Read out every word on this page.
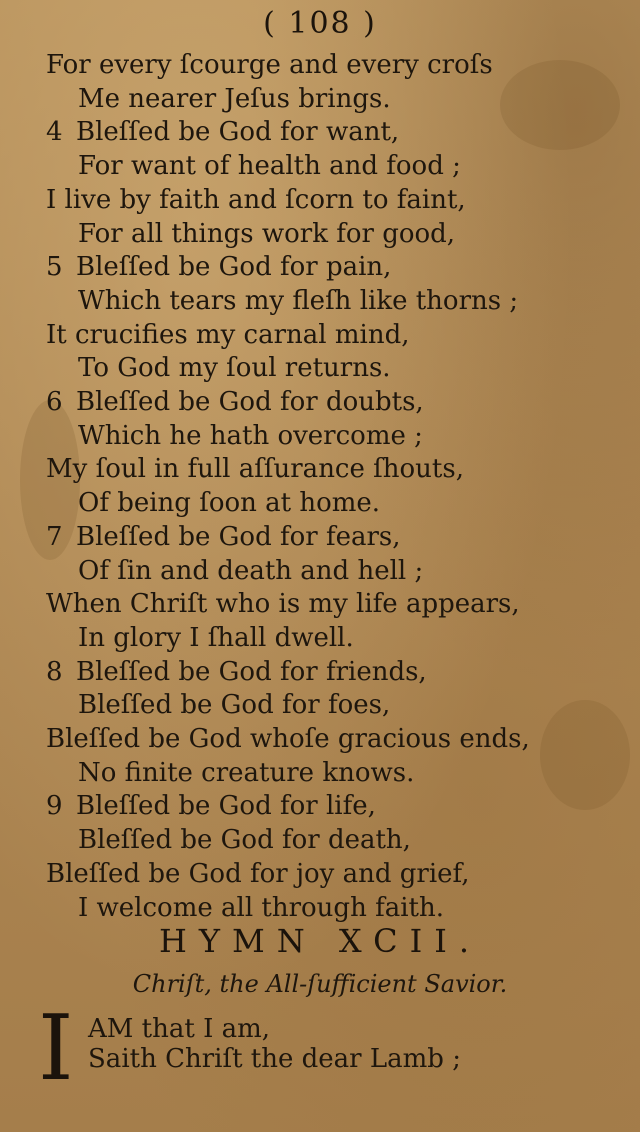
( 108 )
For every ſcourge and every croſs
Me nearer Jeſus brings.
4 Bleſſed be God for want,
For want of health and food ;
I live by faith and ſcorn to faint,
For all things work for good,
5 Bleſſed be God for pain,
Which tears my fleſh like thorns ;
It crucifies my carnal mind,
To God my ſoul returns.
6 Bleſſed be God for doubts,
Which he hath overcome ;
My ſoul in full aſſurance ſhouts,
Of being ſoon at home.
7 Bleſſed be God for fears,
Of ſin and death and hell ;
When Chriſt who is my life appears,
In glory I ſhall dwell.
8 Bleſſed be God for friends,
Bleſſed be God for foes,
Bleſſed be God whoſe gracious ends,
No finite creature knows.
9 Bleſſed be God for life,
Bleſſed be God for death,
Bleſſed be God for joy and grief,
I welcome all through faith.
HYMN XCII.
Chriſt, the All-ſufficient Savior.
I AM that I am,
Saith Chriſt the dear Lamb ;
